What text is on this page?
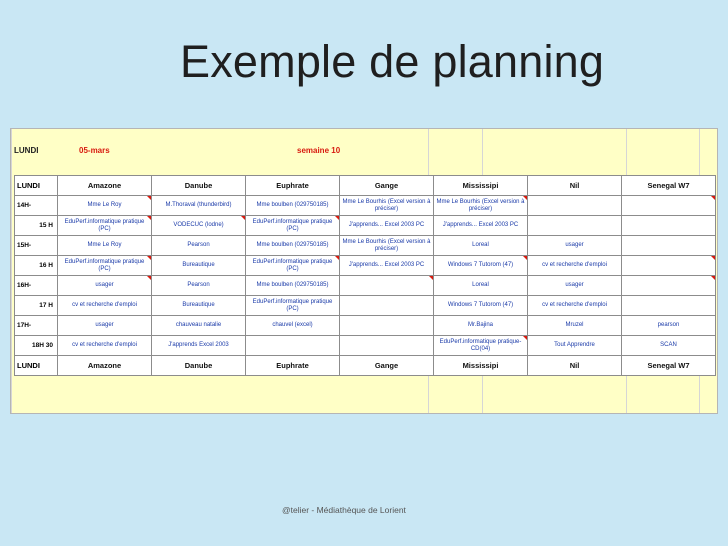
Exemple de planning
LUNDI	05-mars	semaine 10
LUNDI	Amazone	Danube	Euphrate	Gange	Mississipi	Nil	Senegal W7
14H-	Mme Le Roy	M.Thoraval (thunderbird)	Mme boulben (029750185)	Mme Le Bourhis (Excel version à préciser)	Mme Le Bourhis (Excel version à préciser)

15 H	EduPerf.informatique pratique (PC)	VODECUC (lodne)	EduPerf.informatique pratique (PC)	J'apprends... Excel 2003 PC	J'apprends... Excel 2003 PC		
15H-	Mme Le Roy	Pearson	Mme boulben (029750185)	Mme Le Bourhis (Excel version à préciser)	Loreal	usager	
16 H	EduPerf.informatique pratique (PC)	Bureautique	EduPerf.informatique pratique (PC)	J'apprends... Excel 2003 PC	Windows 7 Tutorom (47)	cv et recherche d'emploi	

16H-	usager	Pearson	Mme boulben (029750185)		Loreal	usager	

17 H	cv et recherche d'emploi	Bureautique	EduPerf.informatique pratique (PC)		Windows 7 Tutorom (47)	cv et recherche d'emploi	
17H-	usager	chauveau natalie	chauvel (excel)		Mr.Bajina	Mruzel	pearson
18H 30	cv et recherche d'emploi	J'apprends Excel 2003			EduPerf.informatique pratique-CD(04)	Tout Apprendre	SCAN
LUNDI	Amazone	Danube	Euphrate	Gange	Mississipi	Nil	Senegal W7
@telier - Médiathèque de Lorient
